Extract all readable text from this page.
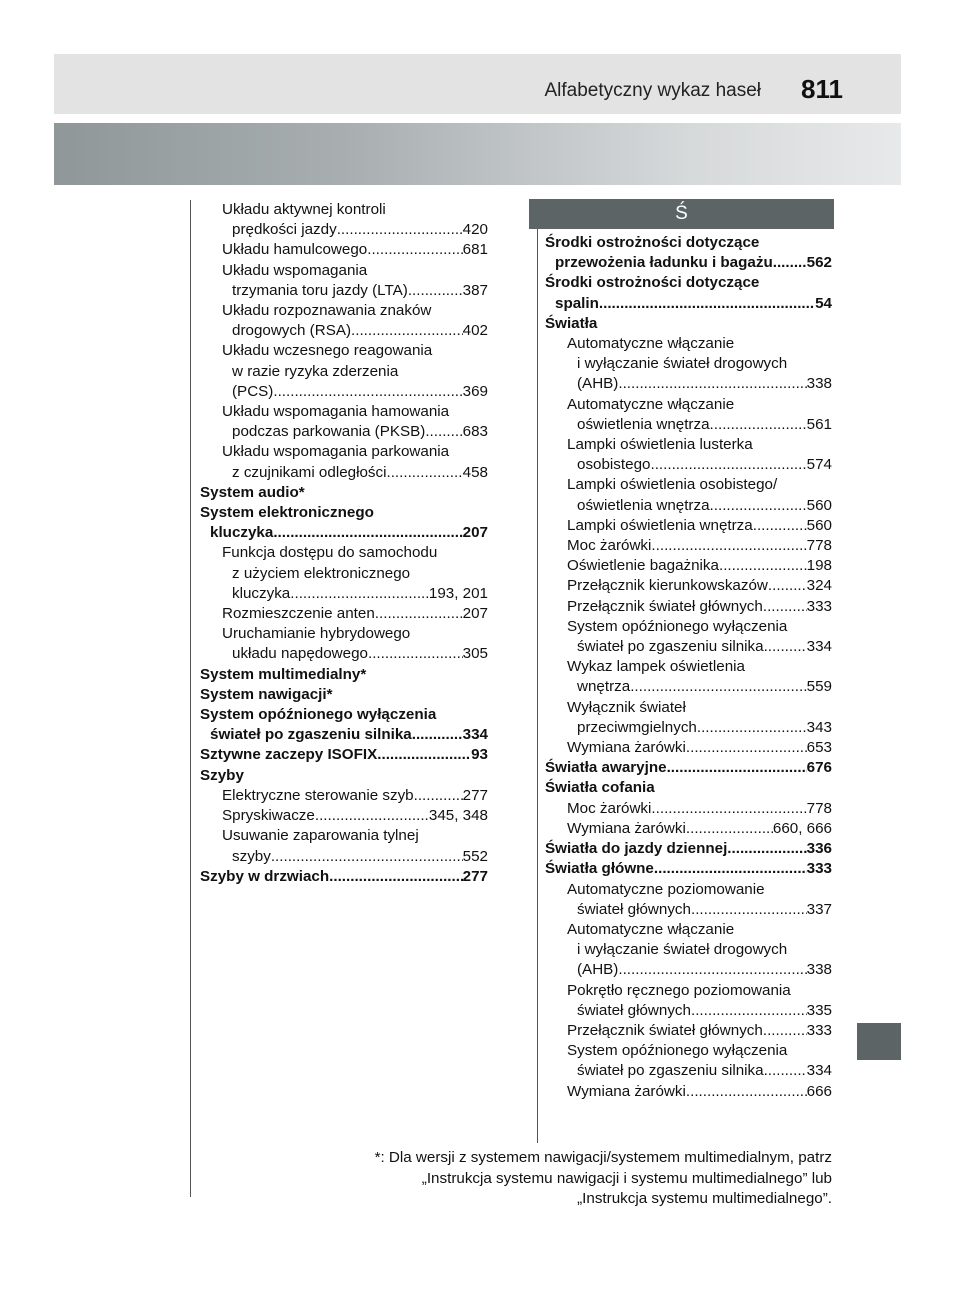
Alfabetyczny wykaz haseł 811
Układu aktywnej kontroli
prędkości jazdy .....	420
Układu hamulcowego .....	681
Układu wspomagania
trzymania toru jazdy (LTA) .....	387
Układu rozpoznawania znaków
drogowych (RSA) .....	402
Układu wczesnego reagowania
w razie ryzyka zderzenia
(PCS) .....	369
Układu wspomagania hamowania
podczas parkowania (PKSB) ..... 683
Układu wspomagania parkowania
z czujnikami odległości .....	458
System audio*
System elektronicznego
kluczyka .....	207
Funkcja dostępu do samochodu
z użyciem elektronicznego
kluczyka .....	193, 201
Rozmieszczenie anten .....	207
Uruchamianie hybrydowego
układu napędowego .....	305
System multimedialny*
System nawigacji*
System opóźnionego wyłączenia
świateł po zgaszeniu silnika .....	334
Sztywne zaczepy ISOFIX .....	93
Szyby
Elektryczne sterowanie szyb .....	277
Spryskiwacze .....	345, 348
Usuwanie zaparowania tylnej
szyby .....	552
Szyby w drzwiach .....	277
Ś
Środki ostrożności dotyczące
przewożenia ładunku i bagażu ..... 562
Środki ostrożności dotyczące
spalin .....	54
Światła
Automatyczne włączanie
i wyłączanie świateł drogowych
(AHB) .....	338
Automatyczne włączanie
oświetlenia wnętrza .....	561
Lampki oświetlenia lusterka
osobistego .....	574
Lampki oświetlenia osobistego/
oświetlenia wnętrza .....	560
Lampki oświetlenia wnętrza .....	560
Moc żarówki .....	778
Oświetlenie bagażnika .....	198
Przełącznik kierunkowskazów .....	324
Przełącznik świateł głównych .....	333
System opóźnionego wyłączenia
świateł po zgaszeniu silnika .....	334
Wykaz lampek oświetlenia
wnętrza .....	559
Wyłącznik świateł
przeciwmgielnych .....	343
Wymiana żarówki .....	653
Światła awaryjne .....	676
Światła cofania
Moc żarówki .....	778
Wymiana żarówki .....	660, 666
Światła do jazdy dziennej .....	336
Światła główne .....	333
Automatyczne poziomowanie
świateł głównych .....	337
Automatyczne włączanie
i wyłączanie świateł drogowych
(AHB) .....	338
Pokrętło ręcznego poziomowania
świateł głównych .....	335
Przełącznik świateł głównych .....	333
System opóźnionego wyłączenia
świateł po zgaszeniu silnika .....	334
Wymiana żarówki .....	666
*: Dla wersji z systemem nawigacji/systemem multimedialnym, patrz
„Instrukcja systemu nawigacji i systemu multimedialnego” lub
„Instrukcja systemu multimedialnego”.
